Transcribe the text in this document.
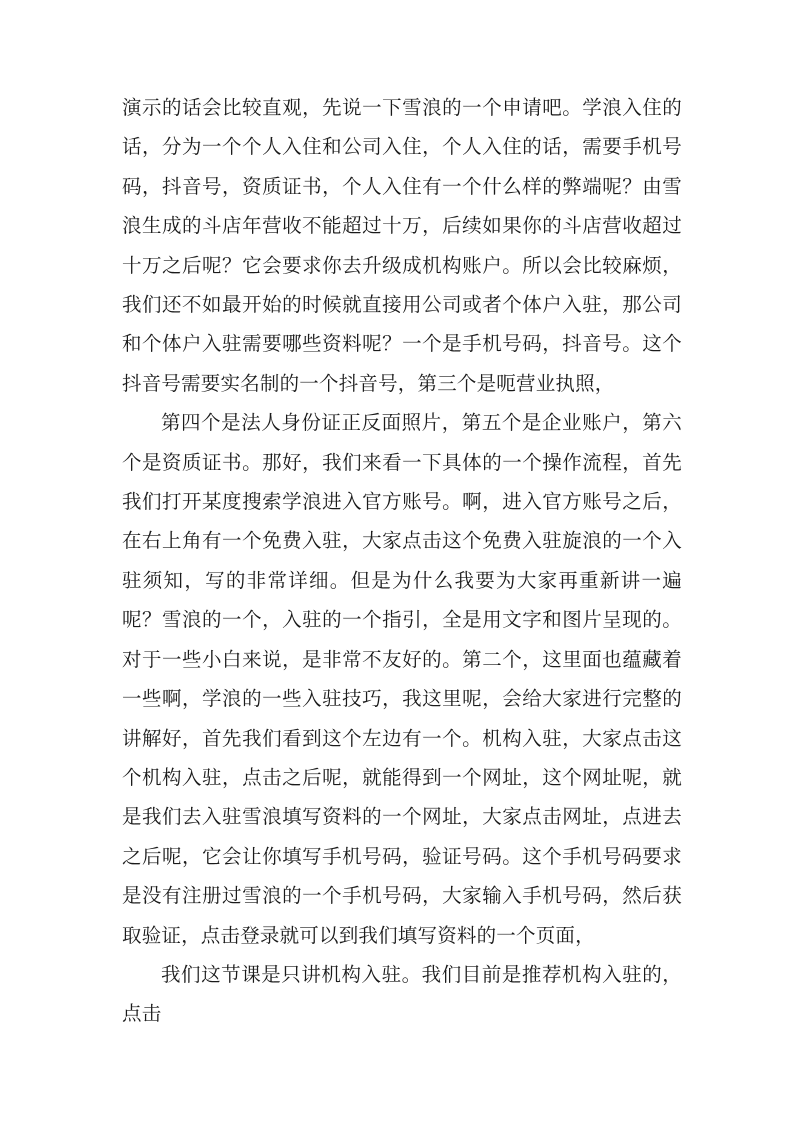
演示的话会比较直观，先说一下雪浪的一个申请吧。学浪入住的话，分为一个个人入住和公司入住，个人入住的话，需要手机号码，抖音号，资质证书，个人入住有一个什么样的弊端呢？由雪浪生成的斗店年营收不能超过十万，后续如果你的斗店营收超过十万之后呢？它会要求你去升级成机构账户。所以会比较麻烦，我们还不如最开始的时候就直接用公司或者个体户入驻，那公司和个体户入驻需要哪些资料呢？一个是手机号码，抖音号。这个抖音号需要实名制的一个抖音号，第三个是呃营业执照，

第四个是法人身份证正反面照片，第五个是企业账户，第六个是资质证书。那好，我们来看一下具体的一个操作流程，首先我们打开某度搜索学浪进入官方账号。啊，进入官方账号之后，在右上角有一个免费入驻，大家点击这个免费入驻旋浪的一个入驻须知，写的非常详细。但是为什么我要为大家再重新讲一遍呢？雪浪的一个，入驻的一个指引，全是用文字和图片呈现的。对于一些小白来说，是非常不友好的。第二个，这里面也蕴藏着一些啊，学浪的一些入驻技巧，我这里呢，会给大家进行完整的讲解好，首先我们看到这个左边有一个。机构入驻，大家点击这个机构入驻，点击之后呢，就能得到一个网址，这个网址呢，就是我们去入驻雪浪填写资料的一个网址，大家点击网址，点进去之后呢，它会让你填写手机号码，验证号码。这个手机号码要求是没有注册过雪浪的一个手机号码，大家输入手机号码，然后获取验证，点击登录就可以到我们填写资料的一个页面，

我们这节课是只讲机构入驻。我们目前是推荐机构入驻的，点击
